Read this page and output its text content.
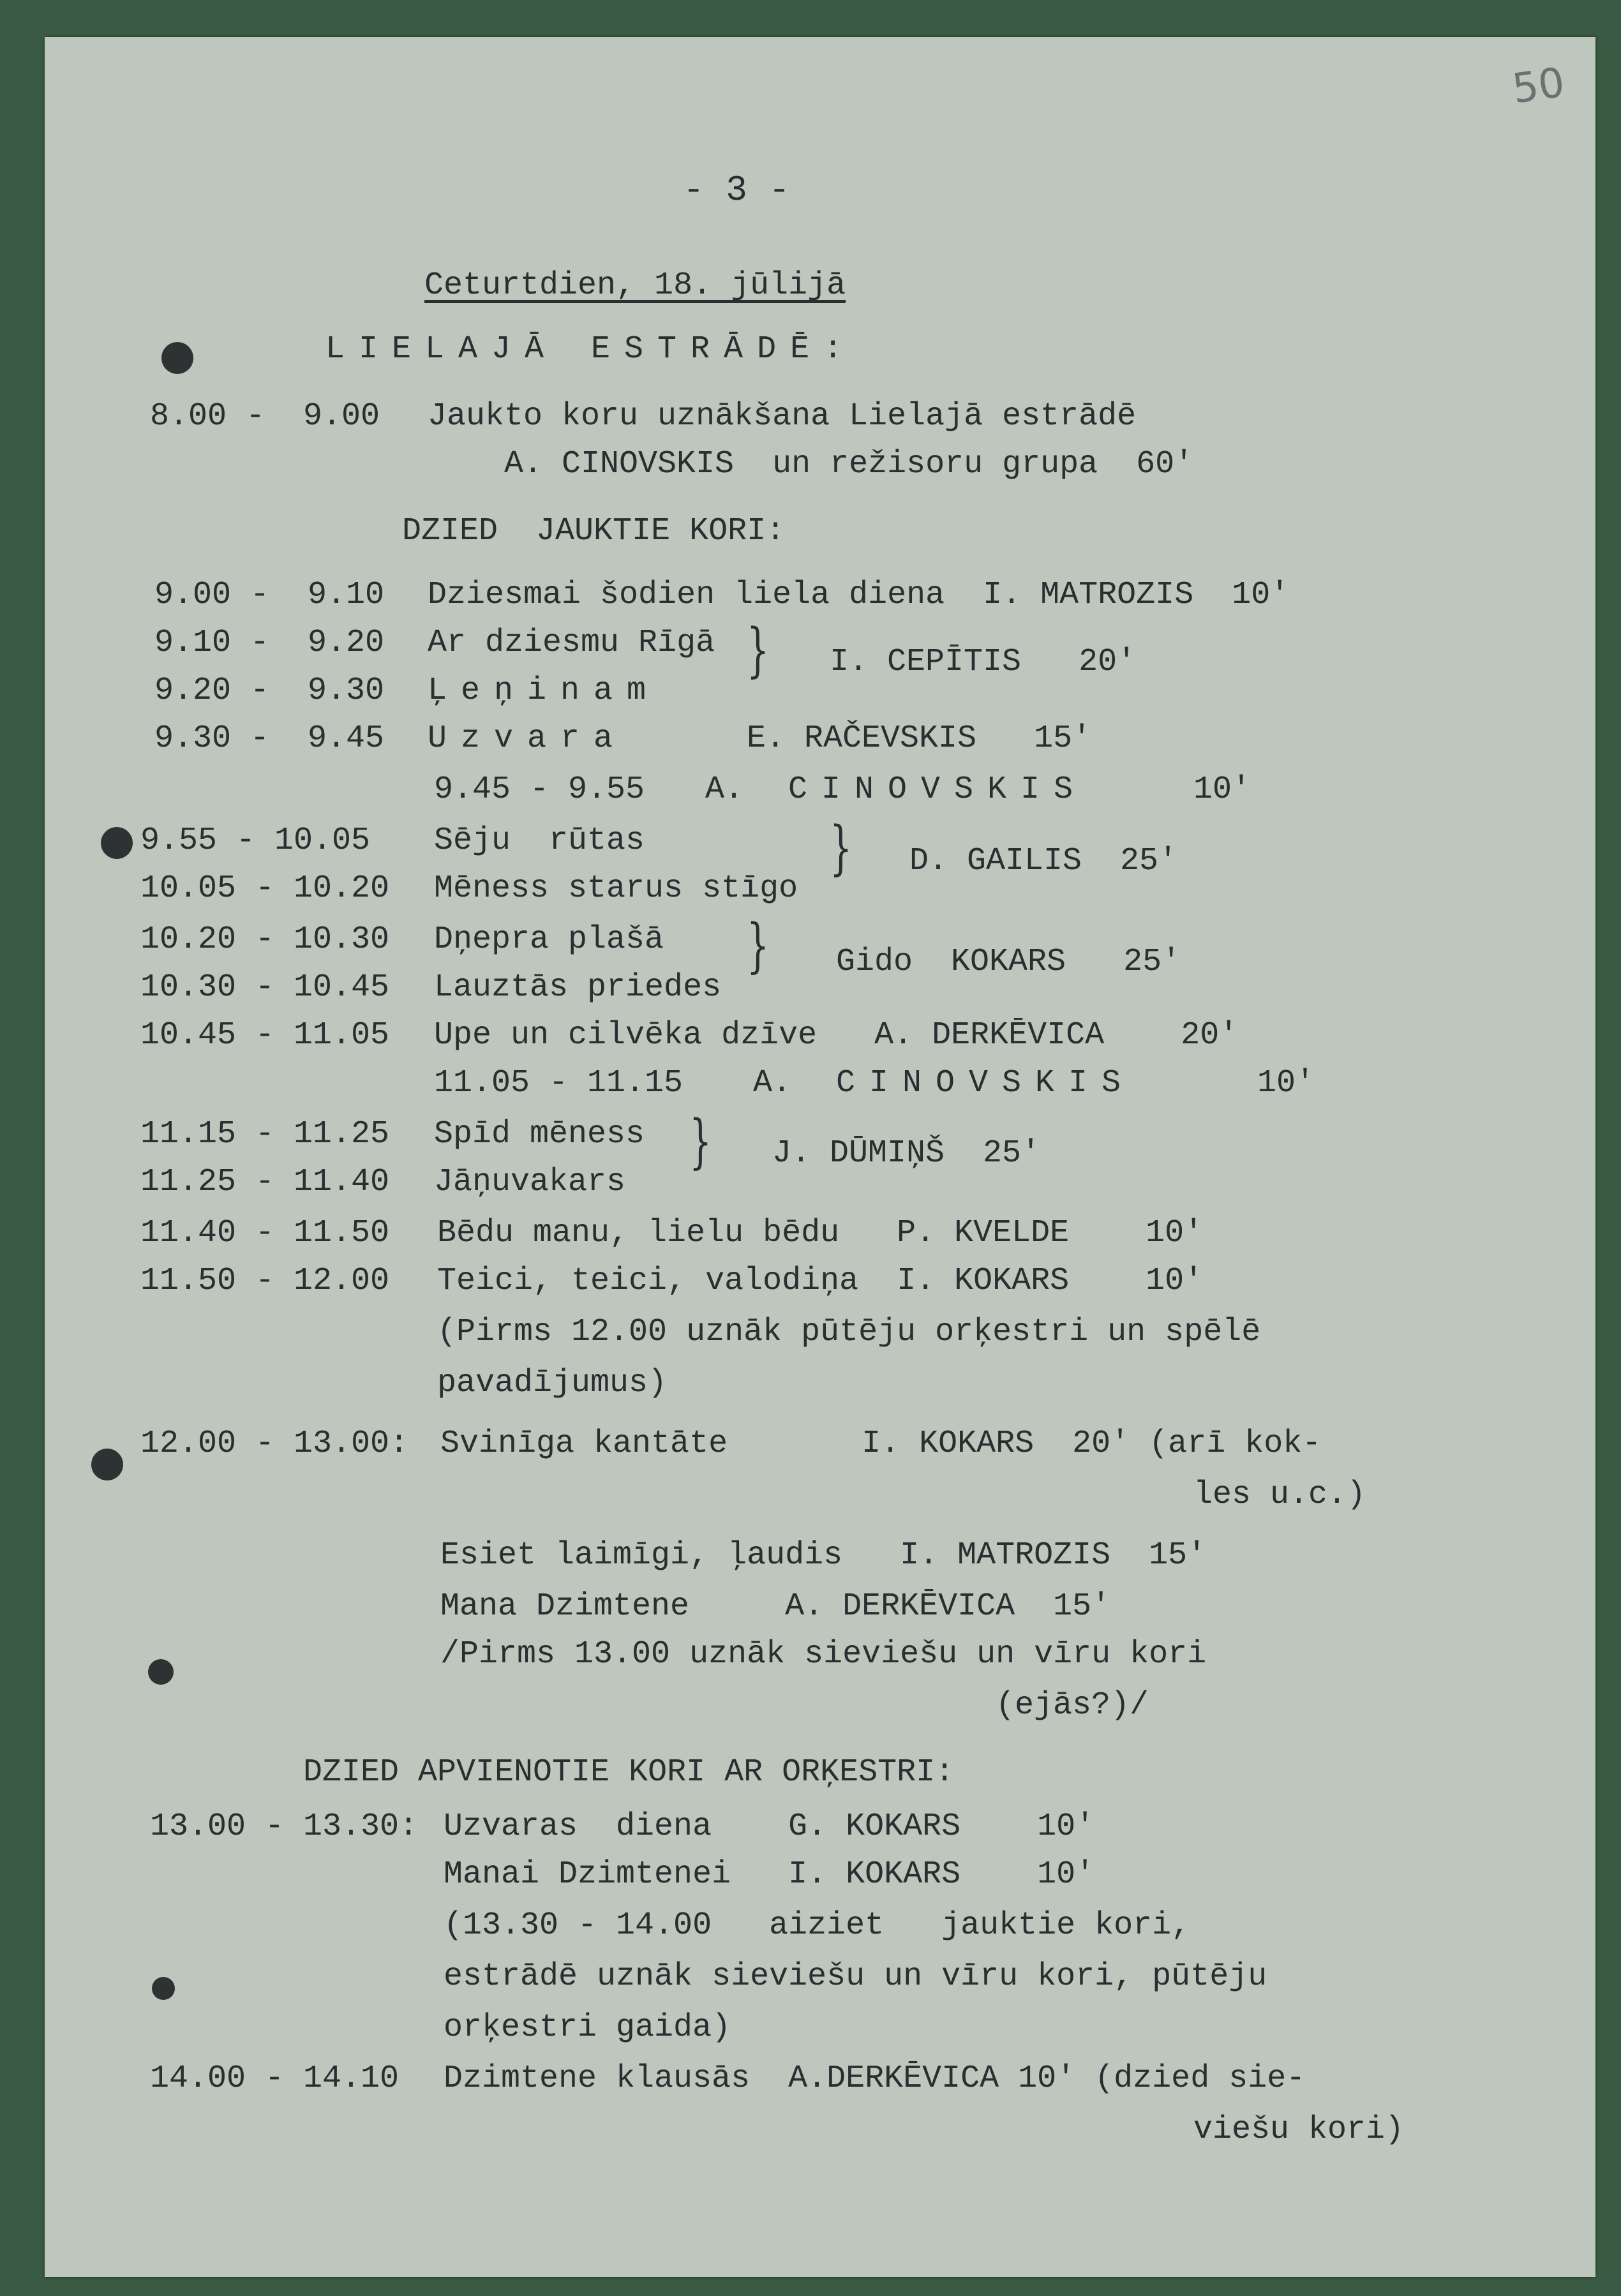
50
- 3 -
Ceturtdien, 18. jūlijā
LIELAJĀ ESTRĀDĒ:
8.00 -  9.00 Jaukto koru uznākšana Lielajā estrādē
A. CINOVSKIS  un režisoru grupa  60'
DZIED  JAUKTIE KORI:
9.00 -  9.10 Dziesmai šodien liela diena  I. MATROZIS  10'
9.10 -  9.20 Ar dziesmu Rīgā
9.20 -  9.30 Ļeņinam
} I. CEPĪTIS   20'
9.30 -  9.45 Uzvara	E. RAČEVSKIS   15'
9.45 - 9.55 A. CINOVSKIS	10'
9.55 - 10.05 Sēju  rūtas
10.05 - 10.20 Mēness starus stīgo
} D. GAILIS  25'
10.20 - 10.30 Dņepra plašā
10.30 - 10.45 Lauztās priedes
} Gido  KOKARS   25'
10.45 - 11.05 Upe un cilvēka dzīve   A. DERKĒVICA    20'
11.05 - 11.15 A. CINOVSKIS	10'
11.15 - 11.25 Spīd mēness
11.25 - 11.40 Jāņuvakars
} J. DŪMIŅŠ  25'
11.40 - 11.50 Bēdu manu, lielu bēdu   P. KVELDE    10'
11.50 - 12.00 Teici, teici, valodiņa  I. KOKARS    10'
(Pirms 12.00 uznāk pūtēju orķestri un spēlē
pavadījumus)
12.00 - 13.00: Svinīga kantāte       I. KOKARS  20' (arī kok-
les u.c.)
Esiet laimīgi, ļaudis   I. MATROZIS  15'
Mana Dzimtene     A. DERKĒVICA  15'
/Pirms 13.00 uznāk sieviešu un vīru kori
(ejās?)/
DZIED APVIENOTIE KORI AR ORĶESTRI:
13.00 - 13.30: Uzvaras  diena    G. KOKARS    10'
Manai Dzimtenei   I. KOKARS    10'
(13.30 - 14.00   aiziet   jauktie kori,
estrādē uznāk sieviešu un vīru kori, pūtēju
orķestri gaida)
14.00 - 14.10 Dzimtene klausās  A.DERKĒVICA 10' (dzied sie-
viešu kori)
